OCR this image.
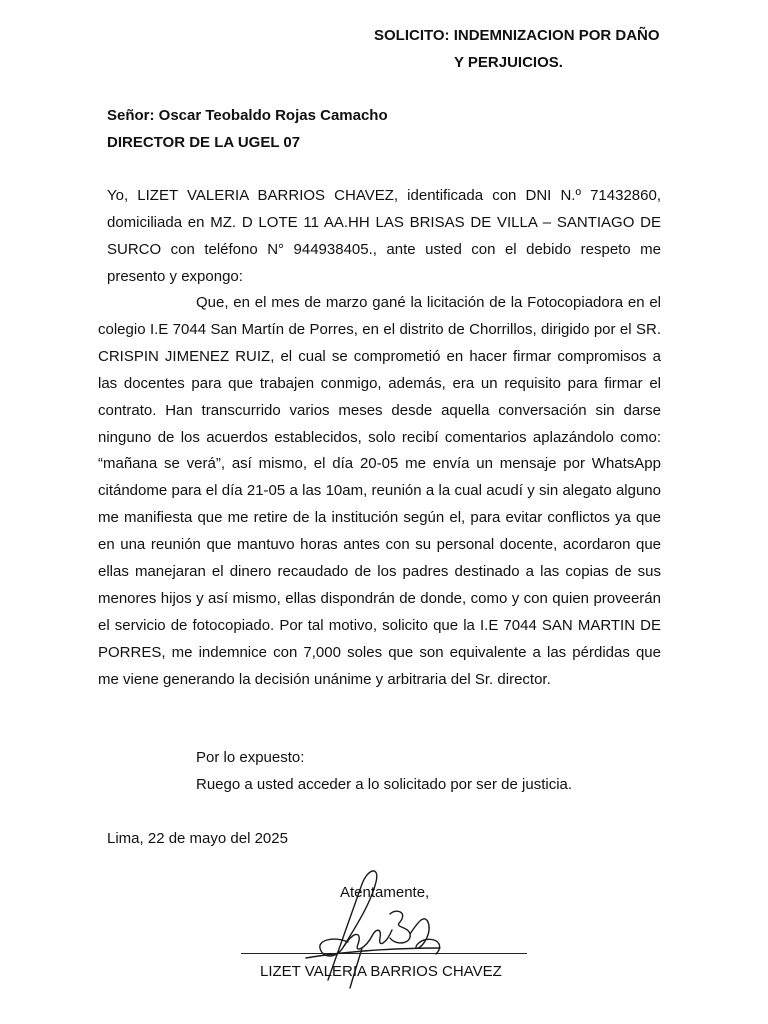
SOLICITO: INDEMNIZACION POR DAÑO
Y PERJUICIOS.
Señor: Oscar Teobaldo Rojas Camacho
DIRECTOR DE LA UGEL 07

Yo, LIZET VALERIA BARRIOS CHAVEZ, identificada con DNI N.º 71432860, domiciliada en MZ. D LOTE 11 AA.HH LAS BRISAS DE VILLA – SANTIAGO DE SURCO con teléfono N° 944938405., ante usted con el debido respeto me presento y expongo:

Que, en el mes de marzo gané la licitación de la Fotocopiadora en el colegio I.E 7044 San Martín de Porres, en el distrito de Chorrillos, dirigido por el SR. CRISPIN JIMENEZ RUIZ, el cual se comprometió en hacer firmar compromisos a las docentes para que trabajen conmigo, además, era un requisito para firmar el contrato. Han transcurrido varios meses desde aquella conversación sin darse ninguno de los acuerdos establecidos, solo recibí comentarios aplazándolo como: “mañana se verá”, así mismo, el día 20-05 me envía un mensaje por WhatsApp citándome para el día 21-05 a las 10am, reunión a la cual acudí y sin alegato alguno me manifiesta que me retire de la institución según el, para evitar conflictos ya que en una reunión que mantuvo horas antes con su personal docente, acordaron que ellas manejaran el dinero recaudado de los padres destinado a las copias de sus menores hijos y así mismo, ellas dispondrán de donde, como y con quien proveerán el servicio de fotocopiado. Por tal motivo, solicito que la I.E 7044 SAN MARTIN DE PORRES, me indemnice con 7,000 soles que son equivalente a las pérdidas que me viene generando la decisión unánime y arbitraria del Sr. director.

Por lo expuesto:
Ruego a usted acceder a lo solicitado por ser de justicia.
Lima, 22 de mayo del 2025
Atentamente,
LIZET VALERIA BARRIOS CHAVEZ
